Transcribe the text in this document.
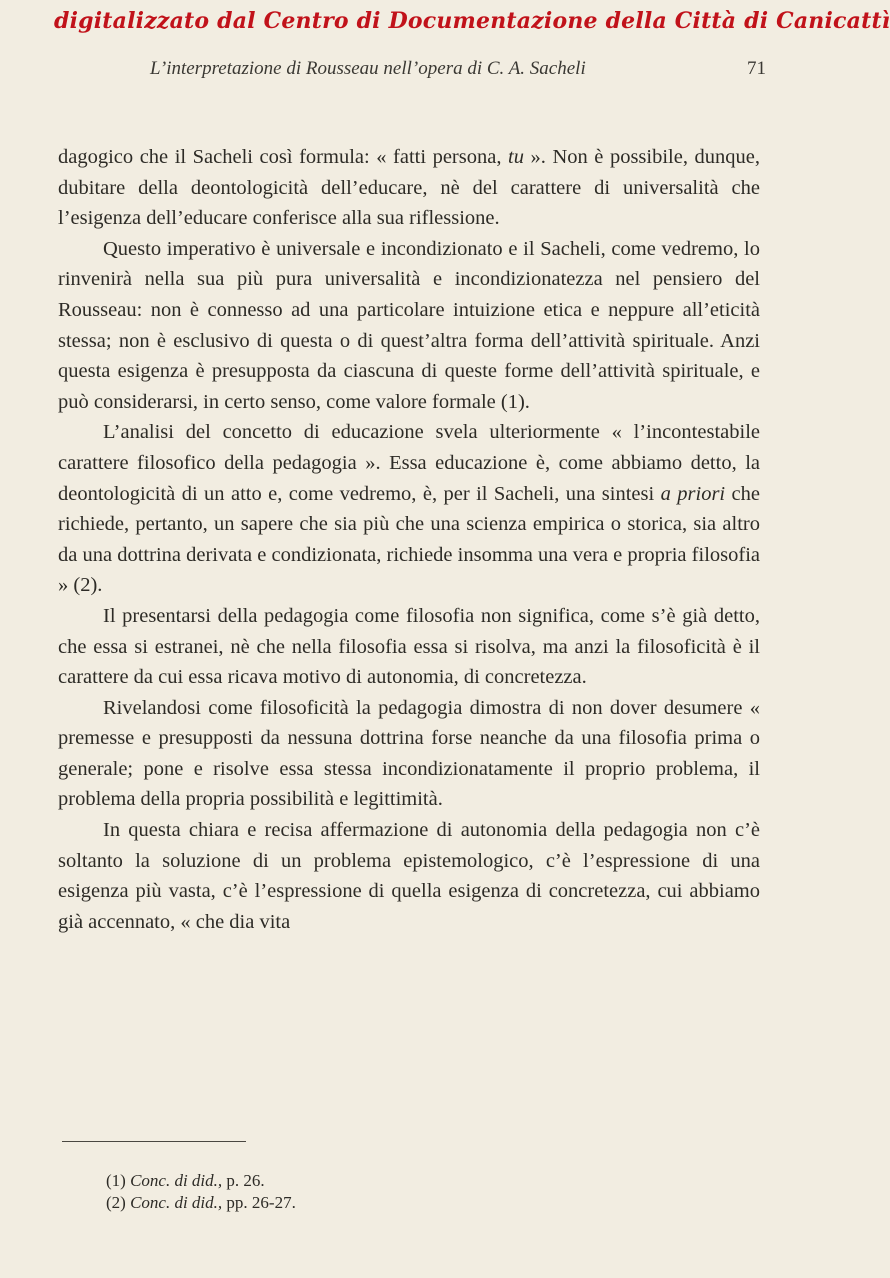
digitalizzato dal Centro di Documentazione della Città di Canicattì
L’interpretazione di Rousseau nell’opera di C. A. Sacheli	71

dagogico che il Sacheli così formula: « fatti persona, tu ». Non è possibile, dunque, dubitare della deontologicità dell’educare, nè del carattere di universalità che l’esigenza dell’educare conferisce alla sua riflessione.

Questo imperativo è universale e incondizionato e il Sacheli, come vedremo, lo rinvenirà nella sua più pura universalità e incondizionatezza nel pensiero del Rousseau: non è connesso ad una particolare intuizione etica e neppure all’eticità stessa; non è esclusivo di questa o di quest’altra forma dell’attività spirituale. Anzi questa esigenza è presupposta da ciascuna di queste forme dell’attività spirituale, e può considerarsi, in certo senso, come valore formale (1).

L’analisi del concetto di educazione svela ulteriormente « l’incontestabile carattere filosofico della pedagogia ». Essa educazione è, come abbiamo detto, la deontologicità di un atto e, come vedremo, è, per il Sacheli, una sintesi a priori che richiede, pertanto, un sapere che sia più che una scienza empirica o storica, sia altro da una dottrina derivata e condizionata, richiede insomma una vera e propria filosofia » (2).

Il presentarsi della pedagogia come filosofia non significa, come s’è già detto, che essa si estranei, nè che nella filosofia essa si risolva, ma anzi la filosoficità è il carattere da cui essa ricava motivo di autonomia, di concretezza.

Rivelandosi come filosoficità la pedagogia dimostra di non dover desumere « premesse e presupposti da nessuna dottrina forse neanche da una filosofia prima o generale; pone e risolve essa stessa incondizionatamente il proprio problema, il problema della propria possibilità e legittimità.

In questa chiara e recisa affermazione di autonomia della pedagogia non c’è soltanto la soluzione di un problema epistemologico, c’è l’espressione di una esigenza più vasta, c’è l’espressione di quella esigenza di concretezza, cui abbiamo già accennato, « che dia vita

(1) Conc. di did., p. 26.
(2) Conc. di did., pp. 26-27.
